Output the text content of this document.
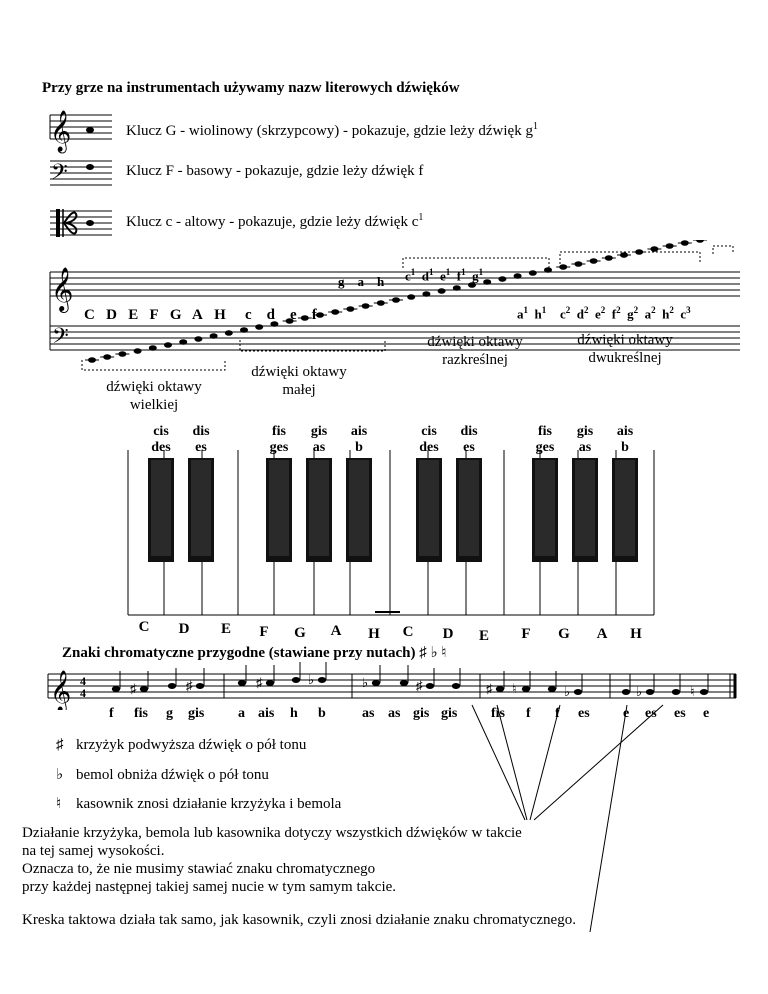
Przy grze na instrumentach używamy nazw literowych dźwięków
𝄞
𝄢
Klucz G - wiolinowy (skrzypcowy) - pokazuje, gdzie leży dźwięk $g^1$
Klucz F - basowy - pokazuje, gdzie leży dźwięk f
Klucz c - altowy - pokazuje, gdzie leży dźwięk $c^1$
𝄞
𝄢
C D E F G A H c d e f
g a h $c^1$ $d^1$ $e^1$ $f^1$ $g^1$
$a^1$ $h^1$ $c^2$ $d^2$ $e^2$ $f^2$ $g^2$ $a^2$ $h^2$ $c^3$
dźwięki oktawy
wielkiej
dźwięki oktawy
małej
dźwięki oktawy
razkreślnej
dźwięki oktawy
dwukreślnej
cis
des
dis
es
fis
ges
gis
as
ais
b
cis
des
dis
es
fis
ges
gis
as
ais
b
C	D	E	F	G	A	H	C	D	E	F	G	A	H
Znaki chromatyczne przygodne (stawiane przy nutach) ♯ ♭ ♮
𝄞 4
4	♯	♯	♯	♭	♭	♯	♯ ♮	♭	♭	♮
f fis g gis a ais h b	as as gis gis fis f f es e es es e
♯ krzyżyk podwyższa dźwięk o pół tonu
♭ bemol obniża dźwięk o pół tonu
♮ kasownik znosi działanie krzyżyka i bemola
Działanie krzyżyka, bemola lub kasownika dotyczy wszystkich dźwięków w takcie
na tej samej wysokości.
Oznacza to, że nie musimy stawiać znaku chromatycznego
przy każdej następnej takiej samej nucie w tym samym takcie.
Kreska taktowa działa tak samo, jak kasownik, czyli znosi działanie znaku chromatycznego.
